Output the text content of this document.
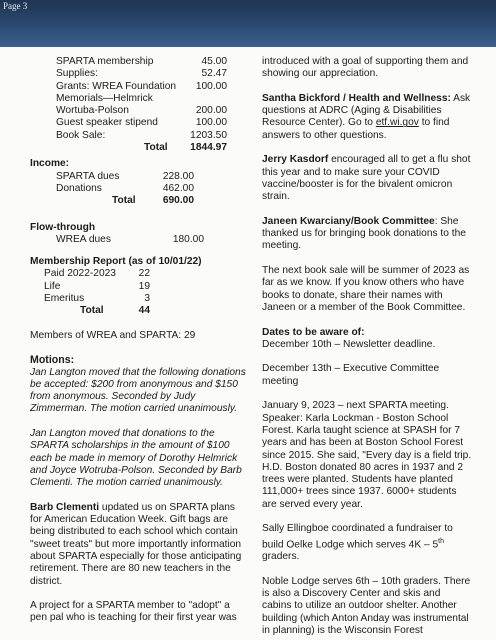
Page 3
SPARTA membership	45.00
Supplies:	52.47
Grants: WREA Foundation	100.00
Memorials—Helmrick
Wortuba-Polson	200.00
Guest speaker stipend	100.00
Book Sale:	1203.50
Total	1844.97
Income:
SPARTA dues	228.00
Donations	462.00
Total	690.00
Flow-through
WREA dues	180.00
Membership Report (as of 10/01/22)
Paid 2022-2023	22
Life	19
Emeritus	3
Total	44

Members of WREA and SPARTA: 29

Motions:

Jan Langton moved that the following donations be accepted: $200 from anonymous and $150 from anonymous. Seconded by Judy Zimmerman. The motion carried unanimously.

Jan Langton moved that donations to the SPARTA scholarships in the amount of $100 each be made in memory of Dorothy Helmrick and Joyce Wotruba-Polson. Seconded by Barb Clementi. The motion carried unanimously.

Barb Clementi updated us on SPARTA plans for American Education Week. Gift bags are being distributed to each school which contain "sweet treats" but more importantly information about SPARTA especially for those anticipating retirement. There are 80 new teachers in the district.

A project for a SPARTA member to "adopt" a pen pal who is teaching for their first year was

introduced with a goal of supporting them and showing our appreciation.

Santha Bickford / Health and Wellness: Ask questions at ADRC (Aging & Disabilities Resource Center). Go to etf.wi.gov to find answers to other questions.

Jerry Kasdorf encouraged all to get a flu shot this year and to make sure your COVID vaccine/booster is for the bivalent omicron strain.

Janeen Kwarciany/Book Committee: She thanked us for bringing book donations to the meeting.

The next book sale will be summer of 2023 as far as we know. If you know others who have books to donate, share their names with Janeen or a member of the Book Committee.

Dates to be aware of:

December 10th – Newsletter deadline.

December 13th – Executive Committee meeting

January 9, 2023 – next SPARTA meeting. Speaker: Karla Lockman - Boston School Forest. Karla taught science at SPASH for 7 years and has been at Boston School Forest since 2015. She said, "Every day is a field trip. H.D. Boston donated 80 acres in 1937 and 2 trees were planted. Students have planted 111,000+ trees since 1937. 6000+ students are served every year.

Sally Ellingboe coordinated a fundraiser to build Oelke Lodge which serves 4K – 5th graders.

Noble Lodge serves 6th – 10th graders. There is also a Discovery Center and skis and cabins to utilize an outdoor shelter. Another building (which Anton Anday was instrumental in planning) is the Wisconsin Forest
